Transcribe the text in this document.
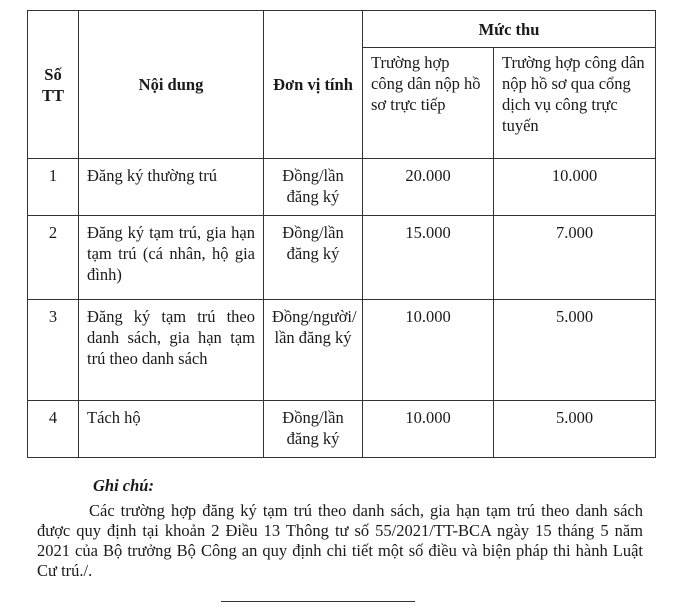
Số TT	Nội dung	Đơn vị tính	Mức thu	
			Trường hợp công dân nộp hồ sơ trực tiếp	Trường hợp công dân nộp hồ sơ qua cổng dịch vụ công trực tuyến
1	Đăng ký thường trú	Đồng/lần đăng ký	20.000	10.000
2	Đăng ký tạm trú, gia hạn tạm trú (cá nhân, hộ gia đình)	Đồng/lần đăng ký	15.000	7.000
3	Đăng ký tạm trú theo danh sách, gia hạn tạm trú theo danh sách	Đồng/người/ lần đăng ký	10.000	5.000
4	Tách hộ	Đồng/lần đăng ký	10.000	5.000
Ghi chú:
Các trường hợp đăng ký tạm trú theo danh sách, gia hạn tạm trú theo danh sách được quy định tại khoản 2 Điều 13 Thông tư số 55/2021/TT-BCA ngày 15 tháng 5 năm 2021 của Bộ trưởng Bộ Công an quy định chi tiết một số điều và biện pháp thi hành Luật Cư trú./.
